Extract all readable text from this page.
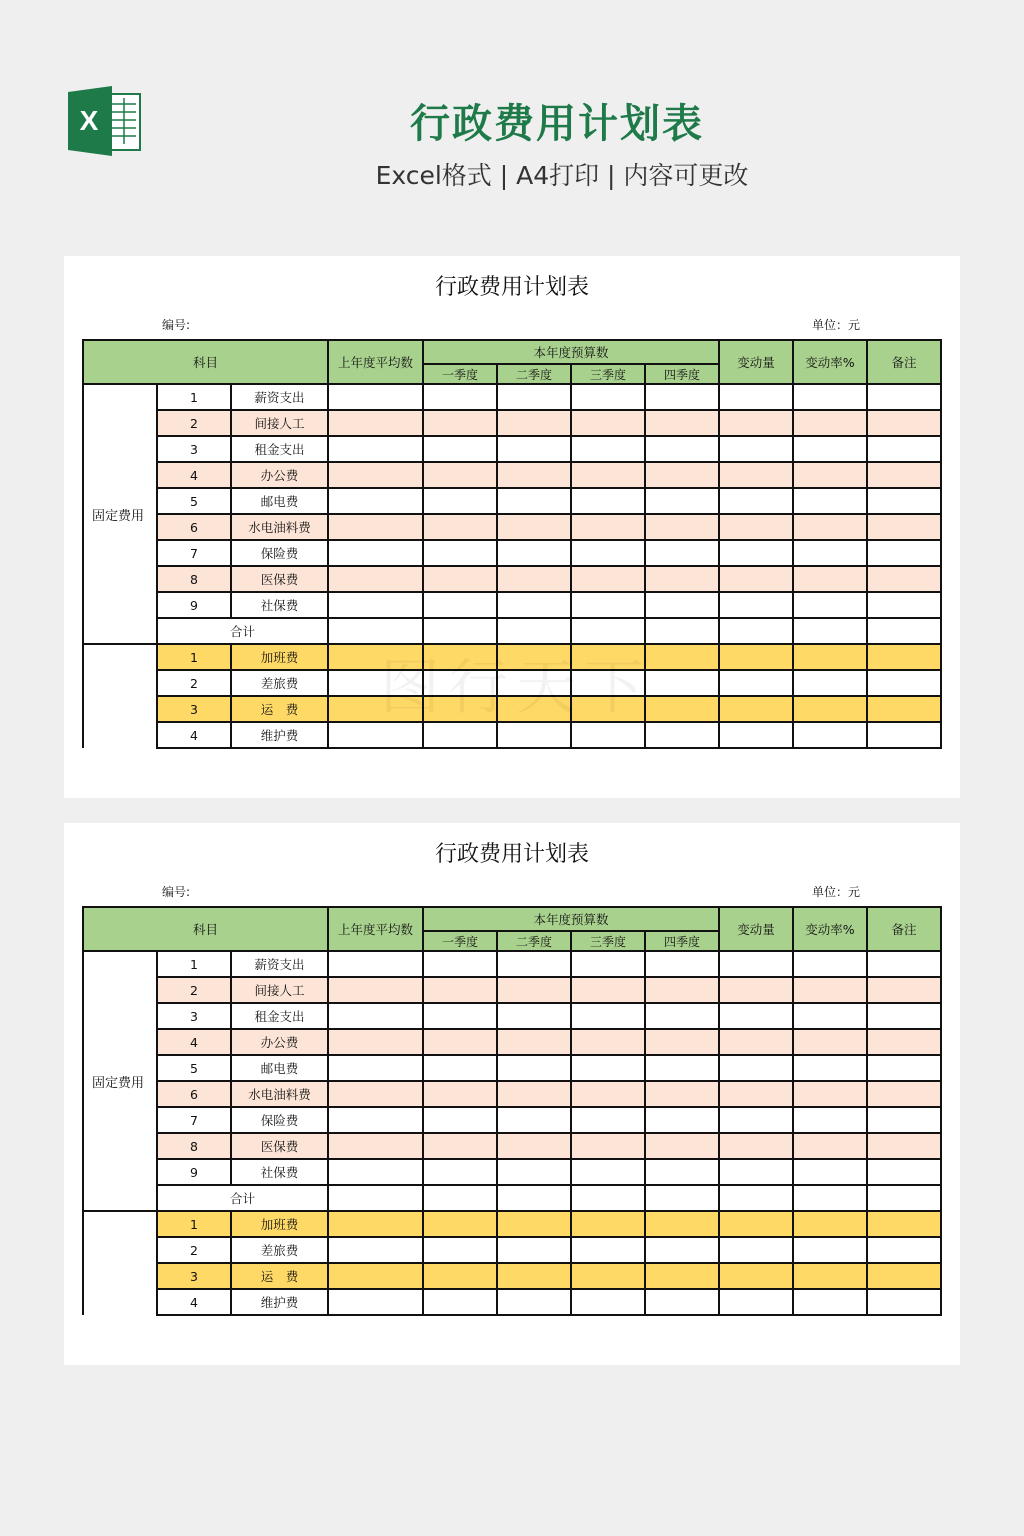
X	行政费用计划表
Excel格式 | A4打印 | 内容可更改
行政费用计划表
编号:	单位：元
科目			上年度平均数	本年度预算数				变动量	变动率%	备注
				一季度	二季度	三季度	四季度			
固定费用	1	薪资支出								
	2	间接人工								
	3	租金支出								
	4	办公费								
	5	邮电费								
	6	水电油料费								
	7	保险费								
	8	医保费								
	9	社保费								
	合计									
	1	加班费								
	2	差旅费								
	3	运　费								
	4	维护费								
行政费用计划表
编号:	单位：元
科目			上年度平均数	本年度预算数				变动量	变动率%	备注
				一季度	二季度	三季度	四季度			
固定费用	1	薪资支出								
	2	间接人工								
	3	租金支出								
	4	办公费								
	5	邮电费								
	6	水电油料费								
	7	保险费								
	8	医保费								
	9	社保费								
	合计									
	1	加班费								
	2	差旅费								
	3	运　费								
	4	维护费								
